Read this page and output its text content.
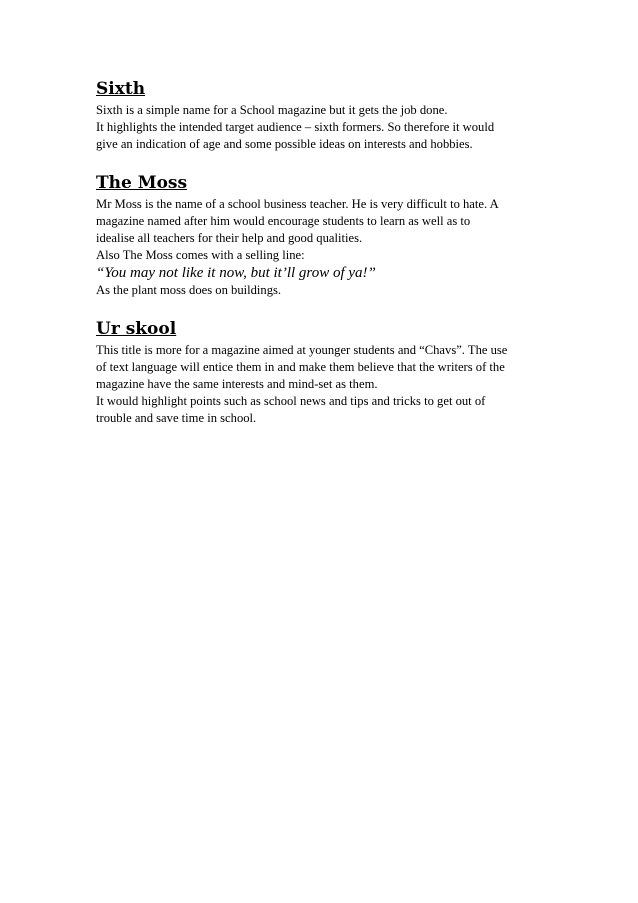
Sixth
Sixth is a simple name for a School magazine but it gets the job done.
It highlights the intended target audience – sixth formers. So therefore it would
give an indication of age and some possible ideas on interests and hobbies.
The Moss
Mr Moss is the name of a school business teacher. He is very difficult to hate. A
magazine named after him would encourage students to learn as well as to
idealise all teachers for their help and good qualities.
Also The Moss comes with a selling line:
“You may not like it now, but it’ll grow of ya!”
As the plant moss does on buildings.
Ur skool
This title is more for a magazine aimed at younger students and “Chavs”. The use
of text language will entice them in and make them believe that the writers of the
magazine have the same interests and mind-set as them.
It would highlight points such as school news and tips and tricks to get out of
trouble and save time in school.
